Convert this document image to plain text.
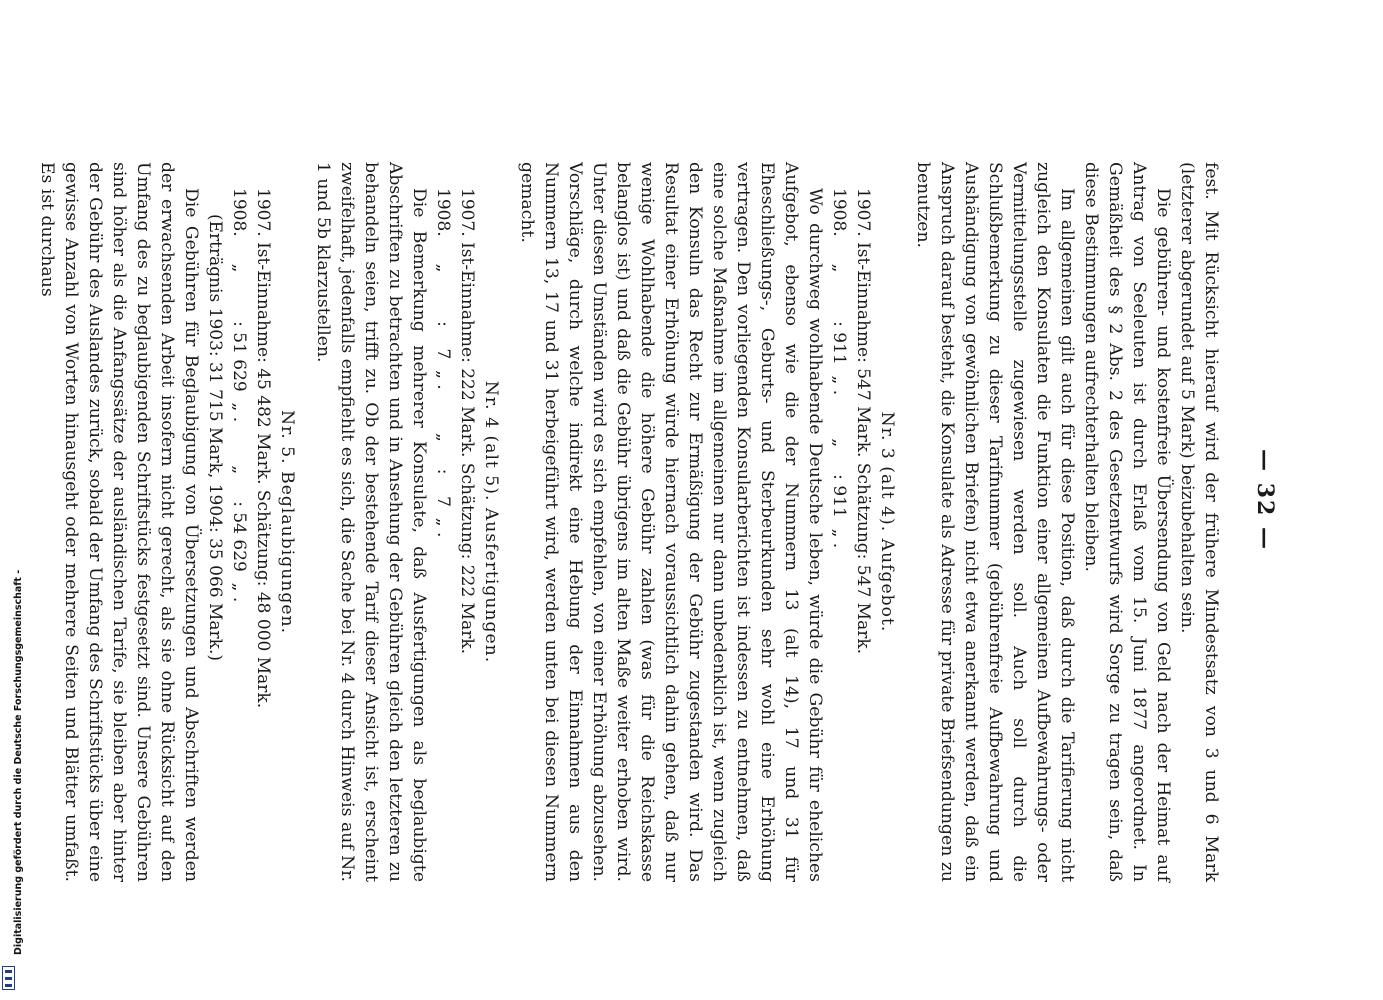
— 32 —

fest. Mit Rücksicht hierauf wird der frühere Mindestsatz von 3 und 6 Mark (letzterer abgerundet auf 5 Mark) beizubehalten sein.

Die gebühren- und kostenfreie Übersendung von Geld nach der Heimat auf Antrag von Seeleuten ist durch Erlaß vom 15. Juni 1877 angeordnet. In Gemäßheit des § 2 Abs. 2 des Gesetzentwurfs wird Sorge zu tragen sein, daß diese Bestimmungen aufrechterhalten bleiben.

Im allgemeinen gilt auch für diese Position, daß durch die Tarifierung nicht zugleich den Konsulaten die Funktion einer allgemeinen Aufbewahrungs- oder Vermittelungsstelle zugewiesen werden soll. Auch soll durch die Schlußbemerkung zu dieser Tarifnummer (gebührenfreie Aufbewahrung und Aushändigung von gewöhnlichen Briefen) nicht etwa anerkannt werden, daß ein Anspruch darauf besteht, die Konsulate als Adresse für private Briefsendungen zu benutzen.

Nr. 3 (alt 4). Aufgebot.
1907. Ist-Einnahme: 547 Mark. Schätzung: 547 Mark.
1908.     „         : 911  „ .        „     : 911  „ .

Wo durchweg wohlhabende Deutsche leben, würde die Gebühr für eheliches Aufgebot, ebenso wie die der Nummern 13 (alt 14), 17 und 31 für Eheschließungs-, Geburts- und Sterbeurkunden sehr wohl eine Erhöhung vertragen. Den vorliegenden Konsularberichten ist indessen zu entnehmen, daß eine solche Maßnahme im allgemeinen nur dann unbedenklich ist, wenn zugleich den Konsuln das Recht zur Ermäßigung der Gebühr zugestanden wird. Das Resultat einer Erhöhung würde hiernach voraussichtlich dahin gehen, daß nur wenige Wohlhabende die höhere Gebühr zahlen (was für die Reichskasse belanglos ist) und daß die Gebühr übrigens im alten Maße weiter erhoben wird. Unter diesen Umständen wird es sich empfehlen, von einer Erhöhung abzusehen. Vorschläge, durch welche indirekt eine Hebung der Einnahmen aus den Nummern 13, 17 und 31 herbeigeführt wird, werden unten bei diesen Nummern gemacht.

Nr. 4 (alt 5). Ausfertigungen.
1907. Ist-Einnahme: 222 Mark. Schätzung: 222 Mark.
1908.     „         :    7  „ .        „     :    7  „ .

Die Bemerkung mehrerer Konsulate, daß Ausfertigungen als beglaubigte Abschriften zu betrachten und in Ansehung der Gebühren gleich den letzteren zu behandeln seien, trifft zu. Ob der bestehende Tarif dieser Ansicht ist, erscheint zweifelhaft, jedenfalls empfiehlt es sich, die Sache bei Nr. 4 durch Hinweis auf Nr. 1 und 5b klarzustellen.

Nr. 5. Beglaubigungen.
1907. Ist-Einnahme: 45 482 Mark. Schätzung: 48 000 Mark.
1908.     „         : 51 629  „ .        „     : 54 629  „ .
(Erträgnis 1903: 31 715 Mark, 1904: 35 066 Mark.)

Die Gebühren für Beglaubigung von Übersetzungen und Abschriften werden der erwachsenden Arbeit insofern nicht gerecht, als sie ohne Rücksicht auf den Umfang des zu beglaubigenden Schriftstücks festgesetzt sind. Unsere Gebühren sind höher als die Anfangssätze der ausländischen Tarife, sie bleiben aber hinter der Gebühr des Auslandes zurück, sobald der Umfang des Schriftstücks über eine gewisse Anzahl von Worten hinausgeht oder mehrere Seiten und Blätter umfaßt. Es ist durchaus

Digitalisierung gefördert durch die Deutsche Forschungsgemeinschaft -
